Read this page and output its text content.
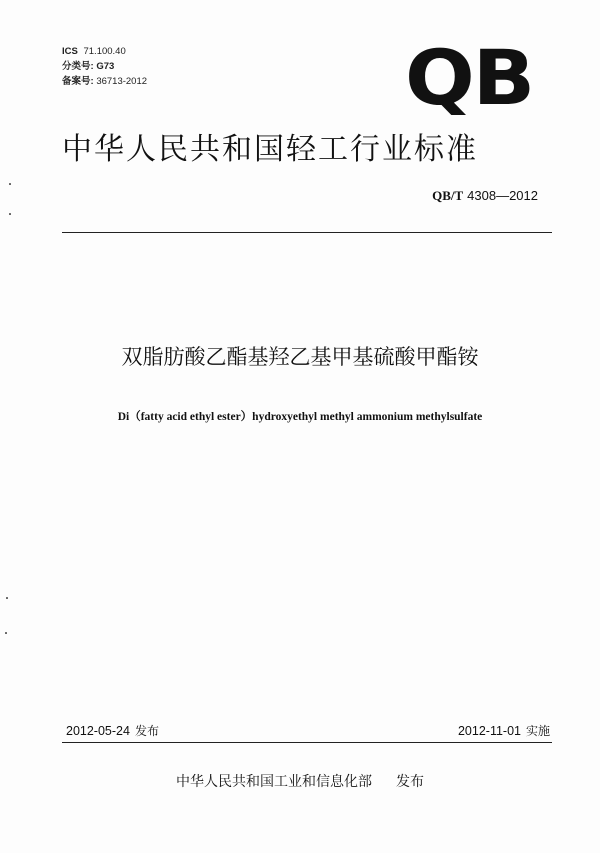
ICS 71.100.40
分类号: G73
备案号: 36713-2012	QB
中华人民共和国轻工行业标准
QB/T 4308—2012
双脂肪酸乙酯基羟乙基甲基硫酸甲酯铵
Di（fatty acid ethyl ester）hydroxyethyl methyl ammonium methylsulfate
2012-05-24 发布	2012-11-01 实施
中华人民共和国工业和信息化部 发布
